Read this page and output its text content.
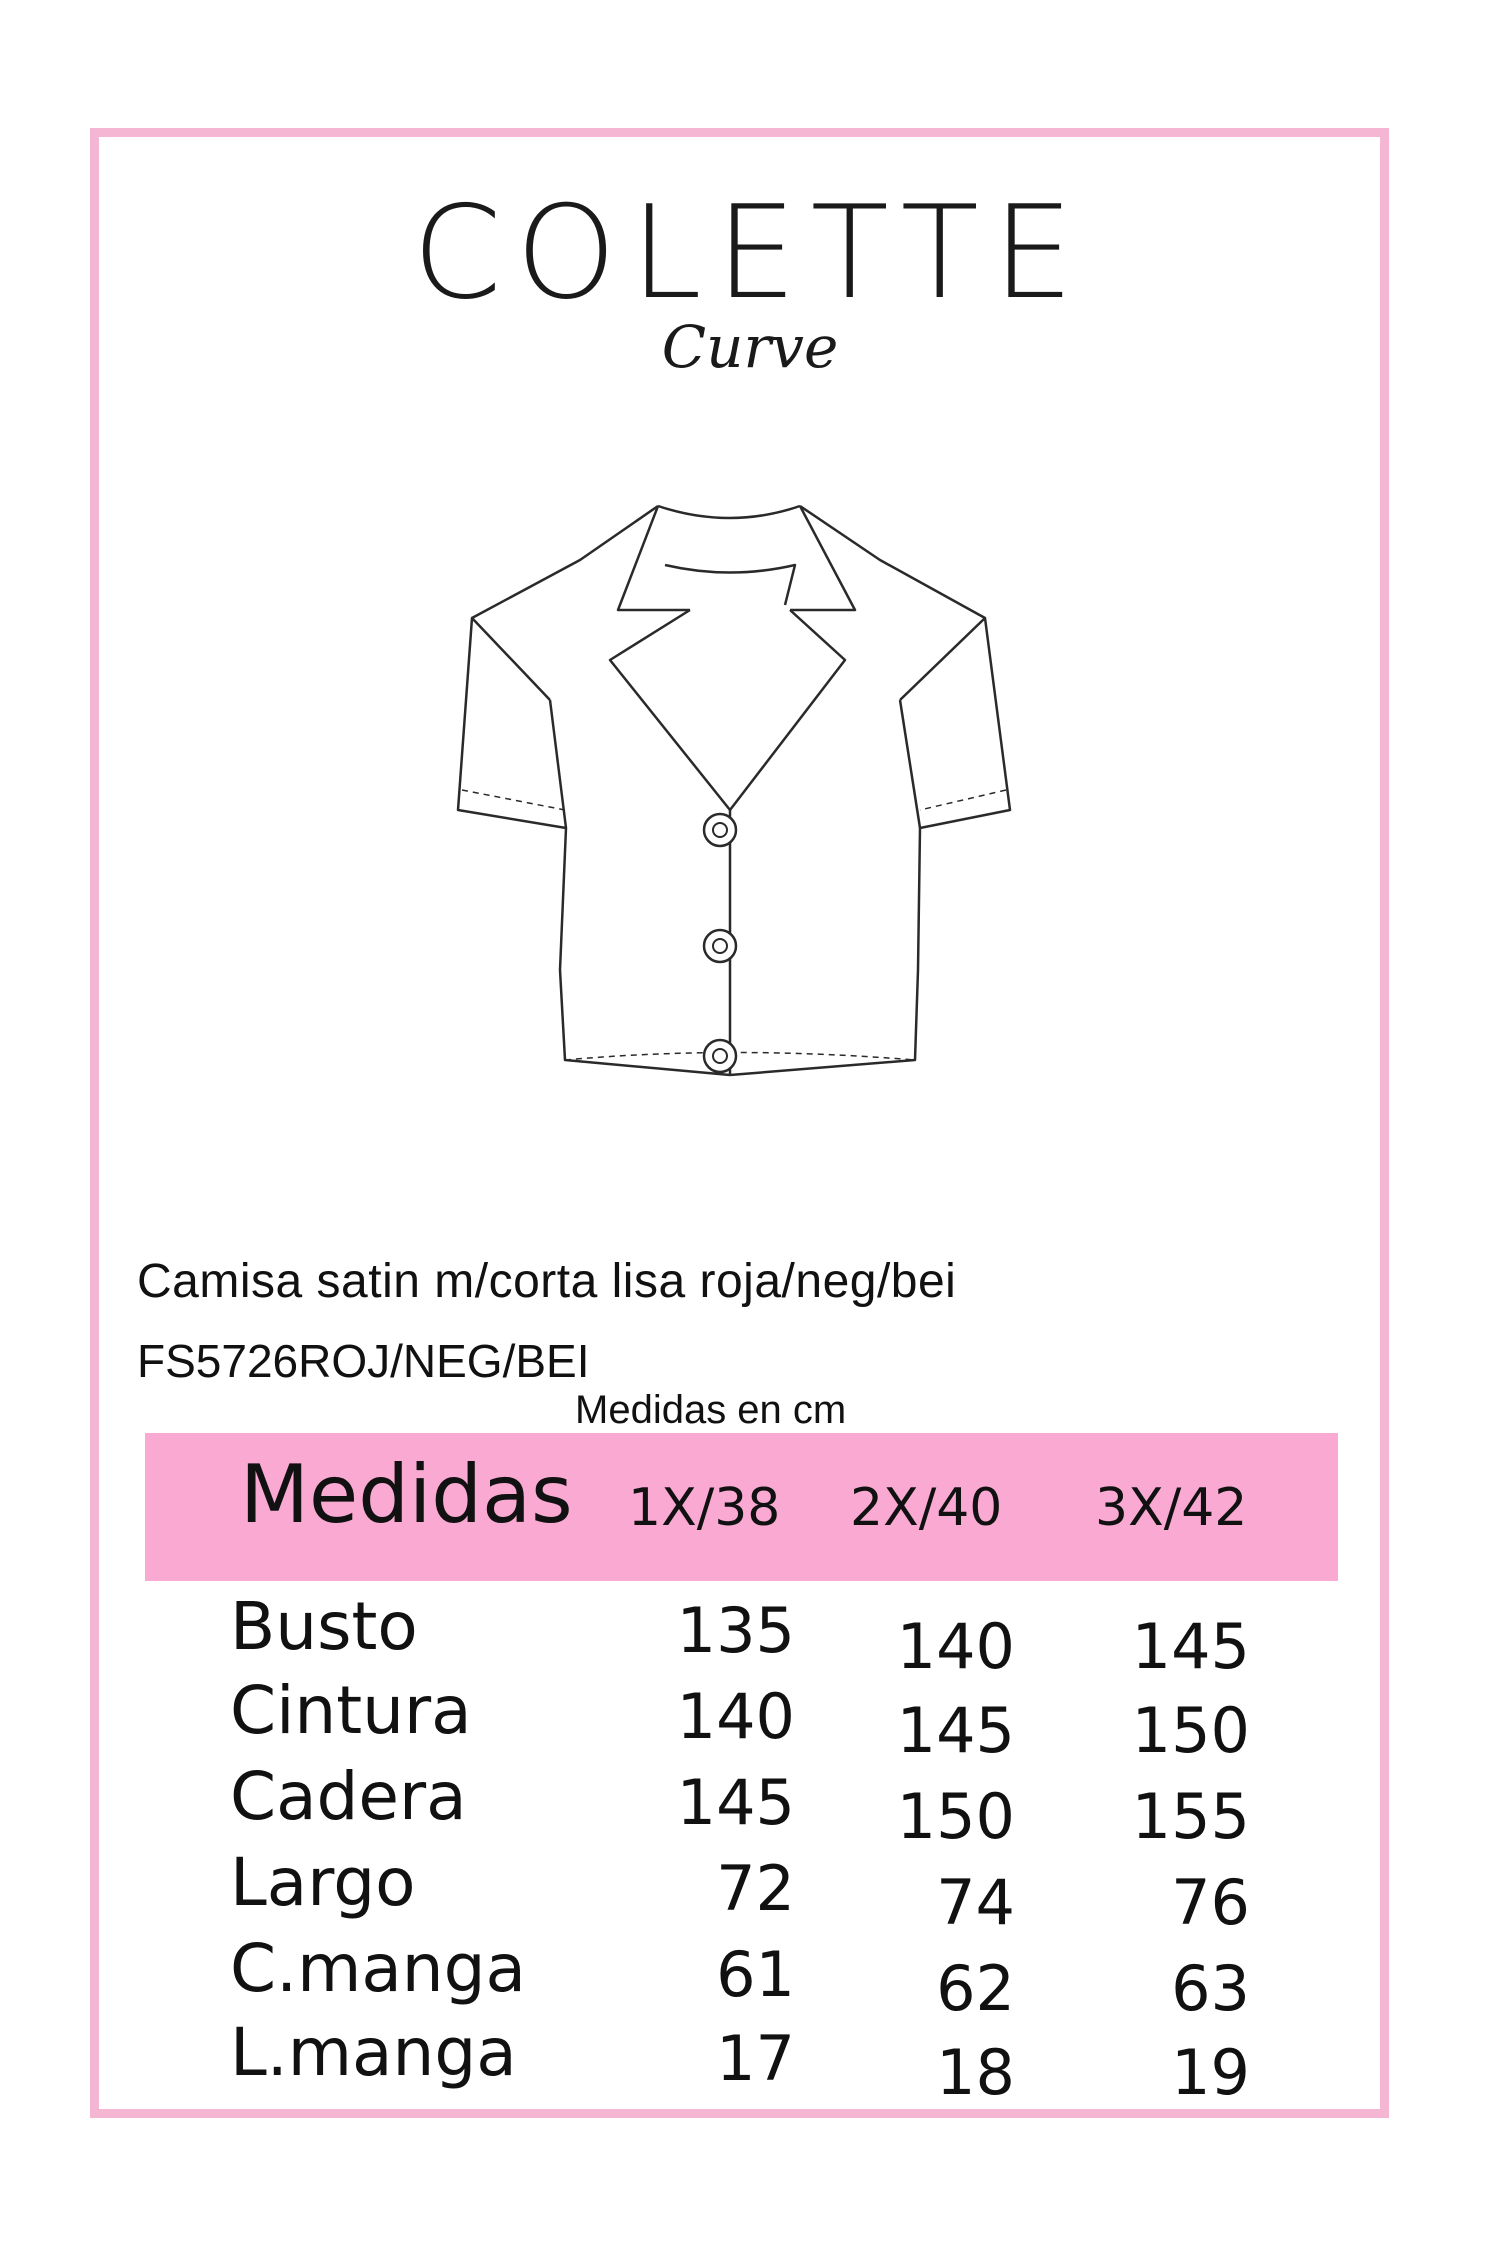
COLETTE
Curve
Camisa satin m/corta lisa roja/neg/bei
FS5726ROJ/NEG/BEI
Medidas en cm
Medidas 1X/38 2X/40 3X/42
Busto	135	140	145
Cintura	140	145	150
Cadera	145	150	155
Largo	72	74	76
C.manga	61	62	63
L.manga	17	18	19
